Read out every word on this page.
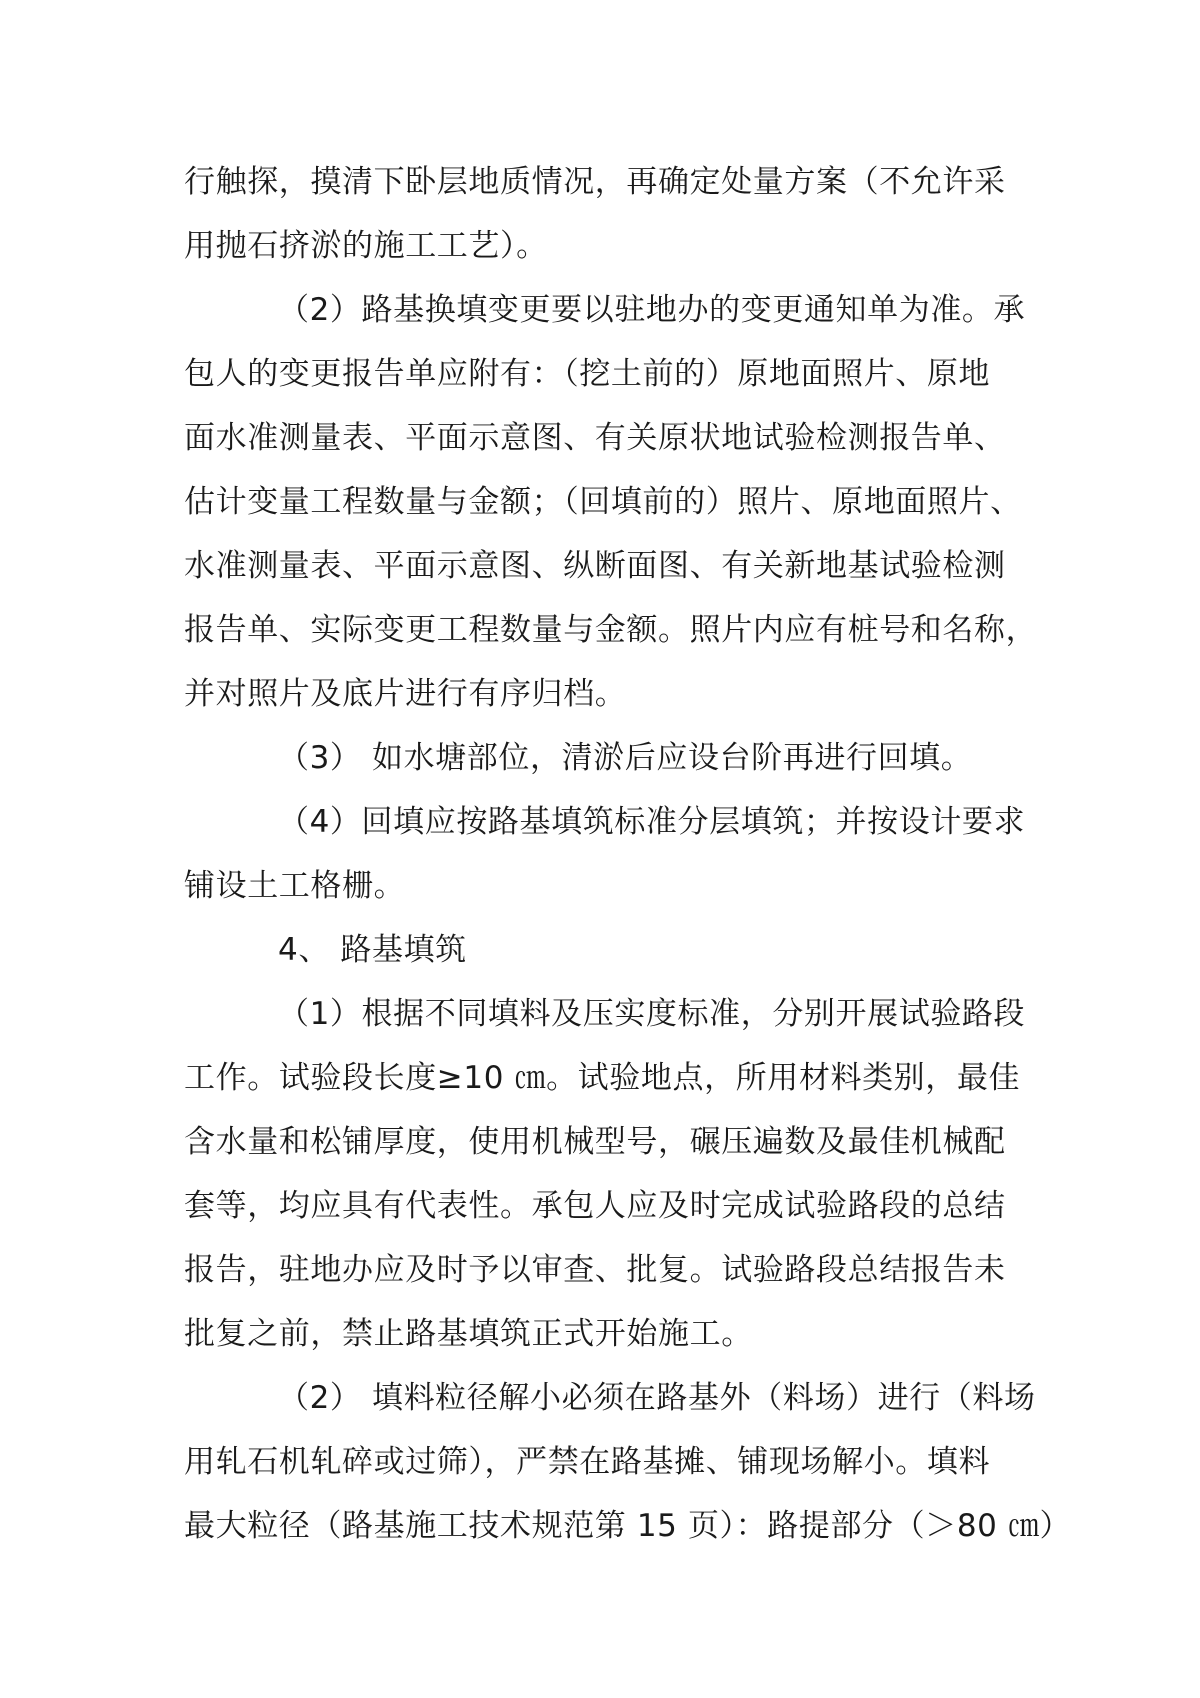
行触探，摸清下卧层地质情况，再确定处量方案（不允许采
用抛石挤淤的施工工艺）。
（2）路基换填变更要以驻地办的变更通知单为准。承
包人的变更报告单应附有：（挖土前的）原地面照片、原地
面水准测量表、平面示意图、有关原状地试验检测报告单、
估计变量工程数量与金额；（回填前的）照片、原地面照片、
水准测量表、平面示意图、纵断面图、有关新地基试验检测
报告单、实际变更工程数量与金额。照片内应有桩号和名称，
并对照片及底片进行有序归档。
（3） 如水塘部位，清淤后应设台阶再进行回填。
（4）回填应按路基填筑标准分层填筑；并按设计要求
铺设土工格栅。
4、 路基填筑
（1）根据不同填料及压实度标准，分别开展试验路段
工作。试验段长度≥10 ㎝。试验地点，所用材料类别，最佳
含水量和松铺厚度，使用机械型号，碾压遍数及最佳机械配
套等，均应具有代表性。承包人应及时完成试验路段的总结
报告，驻地办应及时予以审查、批复。试验路段总结报告未
批复之前，禁止路基填筑正式开始施工。
（2） 填料粒径解小必须在路基外（料场）进行（料场
用轧石机轧碎或过筛），严禁在路基摊、铺现场解小。填料
最大粒径（路基施工技术规范第 15 页）：路提部分（＞80 ㎝）
